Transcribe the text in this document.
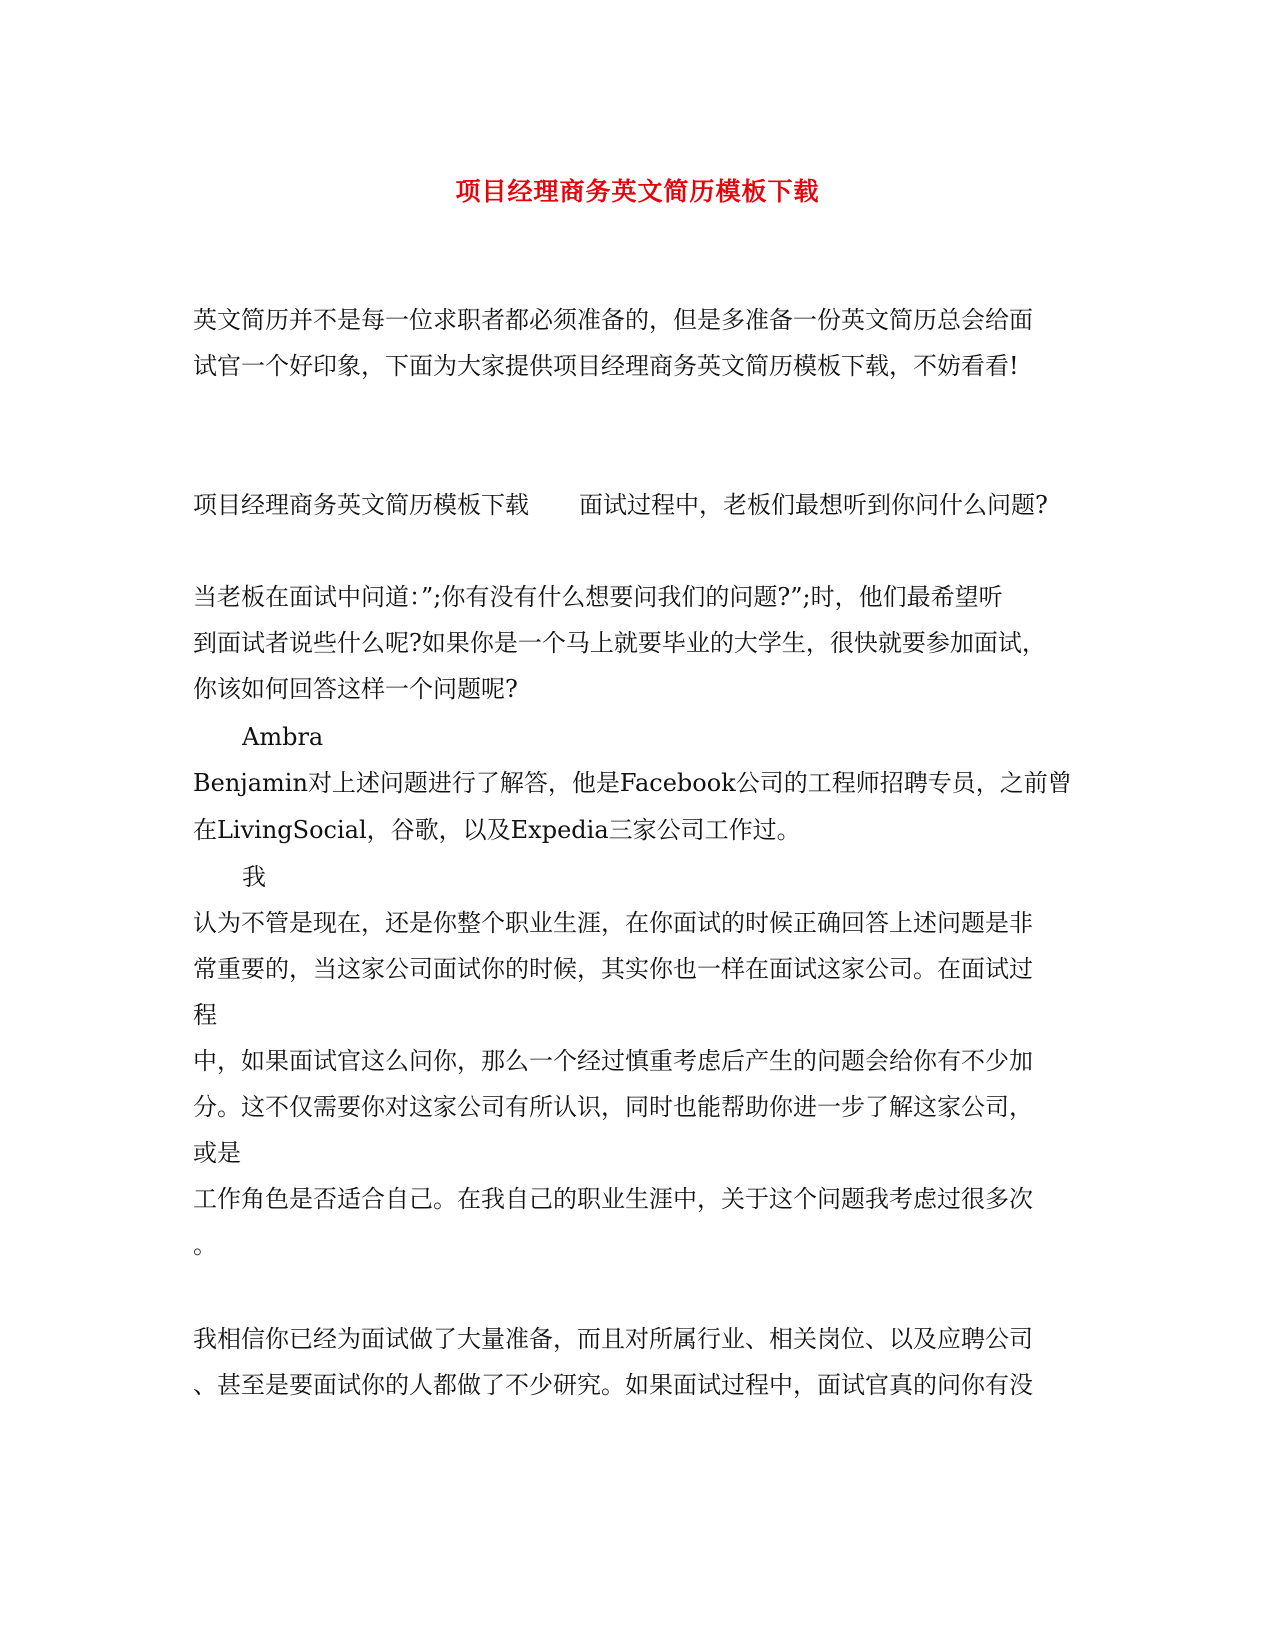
项目经理商务英文简历模板下载
英文简历并不是每一位求职者都必须准备的，但是多准备一份英文简历总会给面
试官一个好印象，下面为大家提供项目经理商务英文简历模板下载，不妨看看!
项目经理商务英文简历模板下载 面试过程中，老板们最想听到你问什么问题?
当老板在面试中问道：”;你有没有什么想要问我们的问题?”;时，他们最希望听
到面试者说些什么呢?如果你是一个马上就要毕业的大学生，很快就要参加面试，
你该如何回答这样一个问题呢?
Ambra
Benjamin对上述问题进行了解答，他是Facebook公司的工程师招聘专员，之前曾
在LivingSocial，谷歌，以及Expedia三家公司工作过。
我
认为不管是现在，还是你整个职业生涯，在你面试的时候正确回答上述问题是非
常重要的，当这家公司面试你的时候，其实你也一样在面试这家公司。在面试过
程
中，如果面试官这么问你，那么一个经过慎重考虑后产生的问题会给你有不少加
分。这不仅需要你对这家公司有所认识，同时也能帮助你进一步了解这家公司，
或是
工作角色是否适合自己。在我自己的职业生涯中，关于这个问题我考虑过很多次
。
我相信你已经为面试做了大量准备，而且对所属行业、相关岗位、以及应聘公司
、甚至是要面试你的人都做了不少研究。如果面试过程中，面试官真的问你有没
